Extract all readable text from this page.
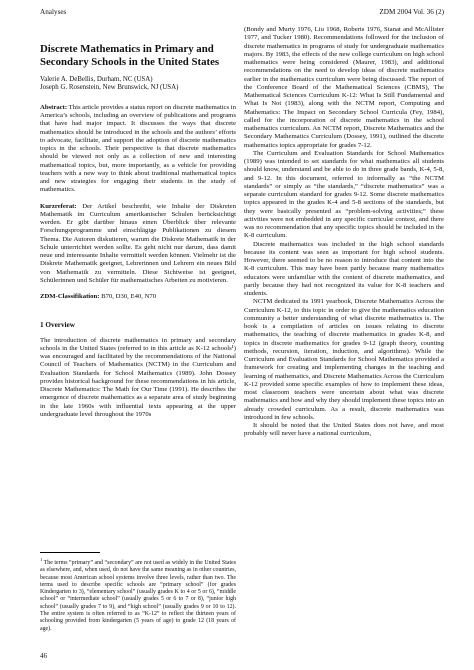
Analyses	ZDM 2004 Vol. 36 (2)
Discrete Mathematics in Primary and
Secondary Schools in the United States

Valerie A. DeBellis, Durham, NC (USA)

Joseph G. Rosenstein, New Brunswick, NJ (USA)

Abstract: This article provides a status report on discrete mathematics in America’s schools, including an overview of publications and programs that have had major impact. It discusses the ways that discrete mathematics should be introduced in the schools and the authors’ efforts to advocate, facilitate, and support the adoption of discrete mathematics topics in the schools. Their perspective is that discrete mathematics should be viewed not only as a collection of new and interesting mathematical topics, but, more importantly, as a vehicle for providing teachers with a new way to think about traditional mathematical topics and new strategies for engaging their students in the study of mathematics.

Kurzreferat: Der Artikel beschreibt, wie Inhalte der Diskreten Mathematik im Curriculum amerikanischer Schulen berücksichtigt werden. Er gibt darüber hinaus einen Überblick über relevante Forschungsprogramme und einschlägige Publikationen zu diesem Thema. Die Autoren diskutieren, warum die Diskrete Mathematik in der Schule unterrichtet werden sollte. Es geht nicht nur darum, dass damit neue und interessante Inhalte vermittelt werden können. Vielmehr ist die Diskrete Mathematik geeignet, Lehrerinnen und Lehrern ein neues Bild von Mathematik zu vermitteln. Diese Sichtweise ist geeignet, Schülerinnen und Schüler für mathematisches Arbeiten zu motivieren.

ZDM-Classifikation: B70, D30, E40, N70
1 Overview

The introduction of discrete mathematics in primary and secondary schools in the United States (referred to in this article as K-12 schools¹) was encouraged and facilitated by the recommendations of the National Council of Teachers of Mathematics (NCTM) in the Curriculum and Evaluation Standards for School Mathematics (1989). John Dossey provides historical background for these recommendations in his article, Discrete Mathematics: The Math for Our Time (1991). He describes the emergence of discrete mathematics as a separate area of study beginning in the late 1960s with influential texts appearing at the upper undergraduate level throughout the 1970s

$^1$ The terms “primary” and “secondary” are not used as widely in the United States as elsewhere, and, when used, do not have the same meaning as in other countries, because most American school systems involve three levels, rather than two. The terms used to describe specific schools are “primary school” (for grades Kindergarten to 3), “elementary school” (usually grades K to 4 or 5 or 6), “middle school” or “intermediate school” (usually grades 5 or 6 to 7 or 8), “junior high school” (usually grades 7 to 9), and “high school” (usually grades 9 or 10 to 12). The entire system is often referred to as “K-12” to reflect the thirteen years of schooling provided from kindergarten (5 years of age) to grade 12 (18 years of age).
46

(Bondy and Murty 1976, Liu 1968, Roberts 1976, Stanat and McAllister 1977, and Tucker 1980). Recommendations followed for the inclusion of discrete mathematics in programs of study for undergraduate mathematics majors. By 1983, the effects of the new college curriculum on high school mathematics were being considered (Maurer, 1983), and additional recommendations on the need to develop ideas of discrete mathematics earlier in the mathematics curriculum were being discussed. The report of the Conference Board of the Mathematical Sciences (CBMS), The Mathematical Sciences Curriculum K-12: What Is Still Fundamental and What Is Not (1983), along with the NCTM report, Computing and Mathematics: The Impact on Secondary School Curricula (Fey, 1984), called for the incorporation of discrete mathematics in the school mathematics curriculum. An NCTM report, Discrete Mathematics and the Secondary Mathematics Curriculum (Dossey, 1991), outlined the discrete mathematics topics appropriate for grades 7-12.

The Curriculum and Evaluation Standards for School Mathematics (1989) was intended to set standards for what mathematics all students should know, understand and be able to do in three grade bands, K-4, 5-8, and 9-12. In this document, referred to informally as “the NCTM standards” or simply as “the standards,” “discrete mathematics” was a separate curriculum standard for grades 9-12. Some discrete mathematics topics appeared in the grades K-4 and 5-8 sections of the standards, but they were basically presented as “problem-solving activities;” these activities were not embedded in any specific curricular context, and there was no recommendation that any specific topics should be included in the K-8 curriculum.

Discrete mathematics was included in the high school standards because its content was seen as important for high school students. However, there seemed to be no reason to introduce that content into the K-8 curriculum. This may have been partly because many mathematics educators were unfamiliar with the content of discrete mathematics, and partly because they had not recognized its value for K-8 teachers and students.

NCTM dedicated its 1991 yearbook, Discrete Mathematics Across the Curriculum K-12, to this topic in order to give the mathematics education community a better understanding of what discrete mathematics is. The book is a compilation of articles on issues relating to discrete mathematics, the teaching of discrete mathematics in grades K-8, and topics in discrete mathematics for grades 9-12 (graph theory, counting methods, recursion, iteration, induction, and algorithms). While the Curriculum and Evaluation Standards for School Mathematics provided a framework for creating and implementing changes in the teaching and learning of mathematics, and Discrete Mathematics Across the Curriculum K-12 provided some specific examples of how to implement these ideas, most classroom teachers were uncertain about what was discrete mathematics and how and why they should implement these topics into an already crowded curriculum. As a result, discrete mathematics was introduced in few schools.

It should be noted that the United States does not have, and most probably will never have a national curriculum,
